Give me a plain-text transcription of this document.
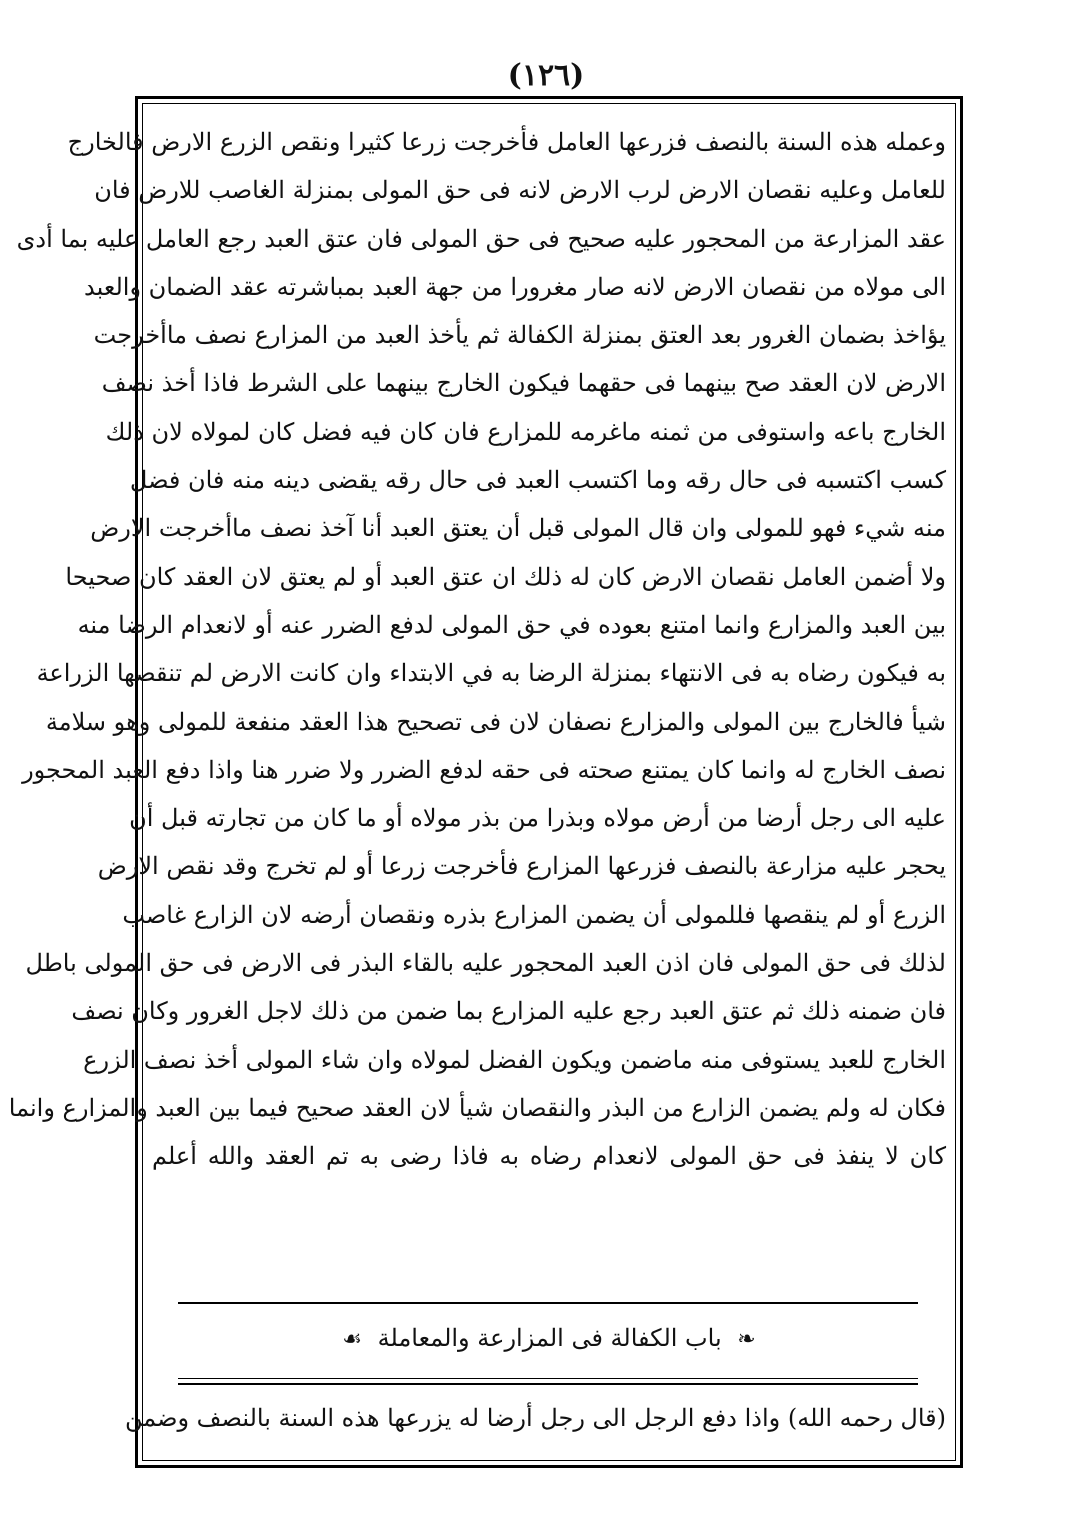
(١٢٦)
وعمله هذه السنة بالنصف فزرعها العامل فأخرجت زرعا كثيرا ونقص الزرع الارض فالخارج
للعامل وعليه نقصان الارض لرب الارض لانه فى حق المولى بمنزلة الغاصب للارض فان
عقد المزارعة من المحجور عليه صحيح فى حق المولى فان عتق العبد رجع العامل عليه بما أدى
الى مولاه من نقصان الارض لانه صار مغرورا من جهة العبد بمباشرته عقد الضمان والعبد
يؤاخذ بضمان الغرور بعد العتق بمنزلة الكفالة ثم يأخذ العبد من المزارع نصف ماأخرجت
الارض لان العقد صح بينهما فى حقهما فيكون الخارج بينهما على الشرط فاذا أخذ نصف
الخارج باعه واستوفى من ثمنه ماغرمه للمزارع فان كان فيه فضل كان لمولاه لان ذلك
كسب اكتسبه فى حال رقه وما اكتسب العبد فى حال رقه يقضى دينه منه فان فضل
منه شيء فهو للمولى وان قال المولى قبل أن يعتق العبد أنا آخذ نصف ماأخرجت الارض
ولا أضمن العامل نقصان الارض كان له ذلك ان عتق العبد أو لم يعتق لان العقد كان صحيحا
بين العبد والمزارع وانما امتنع بعوده في حق المولى لدفع الضرر عنه أو لانعدام الرضا منه
به فيكون رضاه به فى الانتهاء بمنزلة الرضا به في الابتداء وان كانت الارض لم تنقصها الزراعة
شيأ فالخارج بين المولى والمزارع نصفان لان فى تصحيح هذا العقد منفعة للمولى وهو سلامة
نصف الخارج له وانما كان يمتنع صحته فى حقه لدفع الضرر ولا ضرر هنا واذا دفع العبد المحجور
عليه الى رجل أرضا من أرض مولاه وبذرا من بذر مولاه أو ما كان من تجارته قبل أن
يحجر عليه مزارعة بالنصف فزرعها المزارع فأخرجت زرعا أو لم تخرج وقد نقص الارض
الزرع أو لم ينقصها فللمولى أن يضمن المزارع بذره ونقصان أرضه لان الزارع غاصب
لذلك فى حق المولى فان اذن العبد المحجور عليه بالقاء البذر فى الارض فى حق المولى باطل
فان ضمنه ذلك ثم عتق العبد رجع عليه المزارع بما ضمن من ذلك لاجل الغرور وكان نصف
الخارج للعبد يستوفى منه ماضمن ويكون الفضل لمولاه وان شاء المولى أخذ نصف الزرع
فكان له ولم يضمن الزارع من البذر والنقصان شيأ لان العقد صحيح فيما بين العبد والمزارع وانما
كان لا ينفذ فى حق المولى لانعدام رضاه به فاذا رضى به تم العقد والله أعلم
❧ باب الكفالة فى المزارعة والمعاملة ☙
(قال رحمه الله) واذا دفع الرجل الى رجل أرضا له يزرعها هذه السنة بالنصف وضمن
